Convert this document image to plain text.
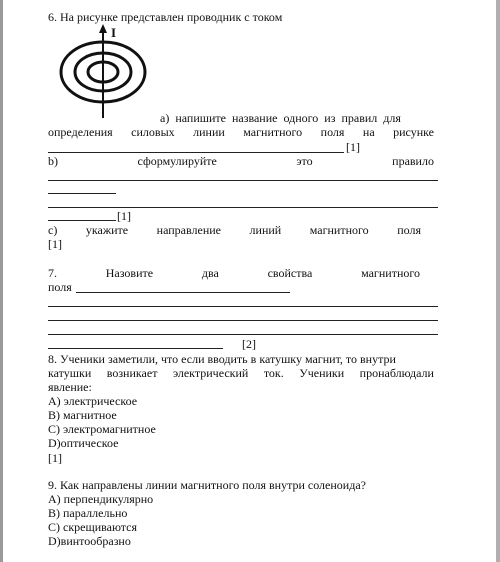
6. На рисунке представлен проводник с током
I
а) напишите название одного из правил для
определения силовых линии магнитного поля на рисунке
[1]
b)	сформулируйте	это	правило
[1]
с) укажите направление линий магнитного поля
[1]
7.	Назовите	два	свойства	магнитного
поля
[2]
8. Ученики заметили, что если вводить в катушку магнит, то внутри
катушки возникает электрический ток. Ученики пронаблюдали
явление:
А) электрическое
В) магнитное
С) электромагнитное
D)оптическое
[1]
9. Как направлены линии магнитного поля внутри соленоида?
А) перпендикулярно
В) параллельно
С) скрещиваются
D)винтообразно
